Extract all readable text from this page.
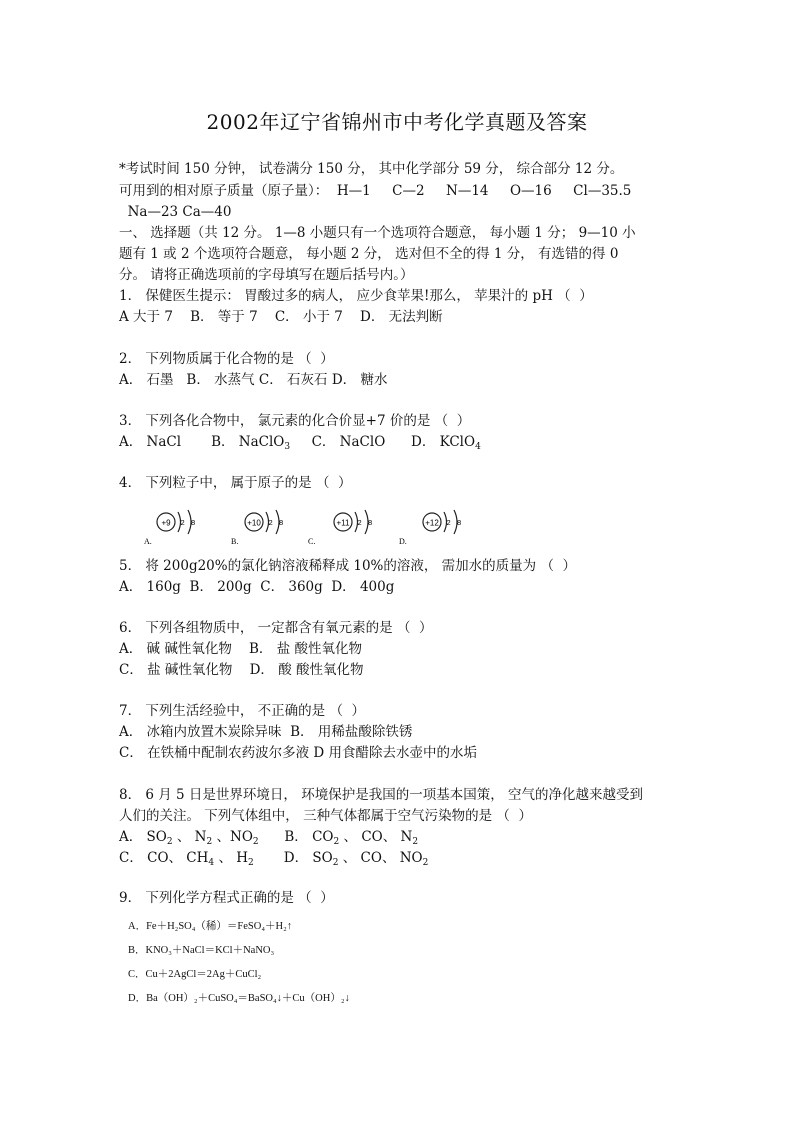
2002年辽宁省锦州市中考化学真题及答案
*考试时间 150 分钟， 试卷满分 150 分， 其中化学部分 59 分， 综合部分 12 分。
可用到的相对原子质量（原子量）：  H—1     C—2     N—14     O—16     Cl—35.5
Na—23 Ca—40
一、 选择题（共 12 分。 1—8 小题只有一个选项符合题意， 每小题 1 分； 9—10 小
题有 1 或 2 个选项符合题意， 每小题 2 分， 选对但不全的得 1 分， 有选错的得 0
分。 请将正确选项前的字母填写在题后括号内。）
1． 保健医生提示： 胃酸过多的病人， 应少食苹果!那么， 苹果汁的 pH （  ）
A 大于 7    B． 等于 7    C． 小于 7    D． 无法判断
2． 下列物质属于化合物的是 （  ）
A． 石墨   B． 水蒸气 C． 石灰石 D． 糖水
3． 下列各化合物中， 氯元素的化合价显+7 价的是 （  ）
A． NaCl       B． NaClO$_3$     C． NaClO      D． KClO$_4$
4． 下列粒子中， 属于原子的是 （  ）
+9 2 8
A.
+10 2 8
B.
+11 2 8
C.
+12 2 8
D.
5． 将 200g20%的氯化钠溶液稀释成 10%的溶液， 需加水的质量为 （  ）
A． 160g  B． 200g  C． 360g  D． 400g
6． 下列各组物质中， 一定都含有氧元素的是 （  ）
A． 碱 碱性氧化物    B． 盐 酸性氧化物
C． 盐 碱性氧化物    D． 酸 酸性氧化物
7． 下列生活经验中， 不正确的是 （  ）
A． 冰箱内放置木炭除异味  B． 用稀盐酸除铁锈
C． 在铁桶中配制农药波尔多液 D 用食醋除去水壶中的水垢
8． 6 月 5 日是世界环境日， 环境保护是我国的一项基本国策， 空气的净化越来越受到
人们的关注。 下列气体组中， 三种气体都属于空气污染物的是 （  ）
A． $SO_2$ 、 $N_2$ 、$NO_2$ B． $CO_2$ 、 CO、 $N_2$
C． CO、 $CH_4$ 、 $H_2$ D． $SO_2$ 、 CO、 $NO_2$
9． 下列化学方程式正确的是 （  ）
A．Fe＋H₂SO₄（稀）＝FeSO₄＋H₂↑
B．KNO₃＋NaCl＝KCl＋NaNO₃
C．Cu＋2AgCl＝2Ag＋CuCl₂
D．Ba（OH）₂＋CuSO₄＝BaSO₄↓＋Cu（OH）₂↓
